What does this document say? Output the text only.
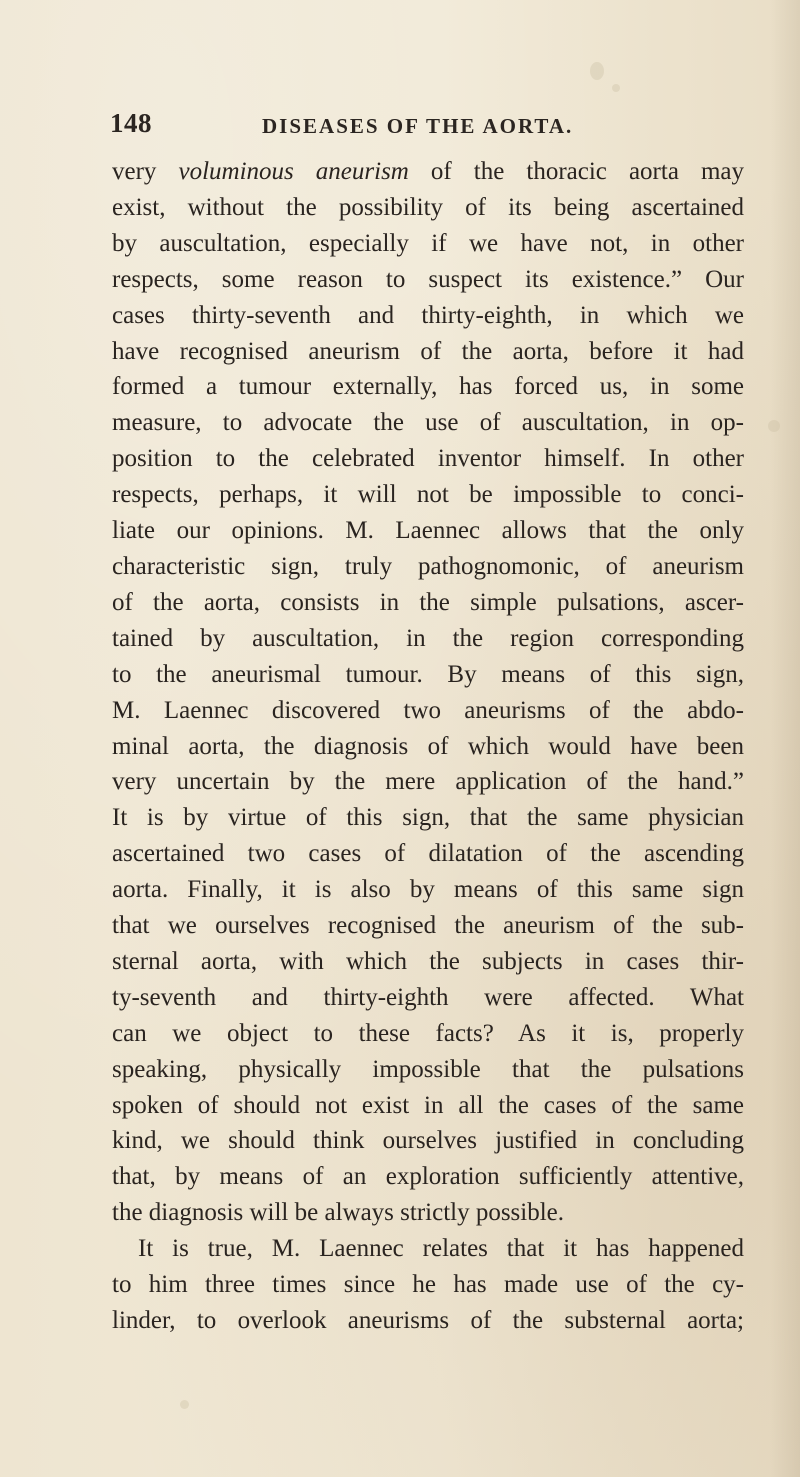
148	DISEASES OF THE AORTA.
very voluminous aneurism of the thoracic aorta may
exist, without the possibility of its being ascertained
by auscultation, especially if we have not, in other
respects, some reason to suspect its existence.” Our
cases thirty-seventh and thirty-eighth, in which we
have recognised aneurism of the aorta, before it had
formed a tumour externally, has forced us, in some
measure, to advocate the use of auscultation, in op-
position to the celebrated inventor himself. In other
respects, perhaps, it will not be impossible to conci-
liate our opinions. M. Laennec allows that the only
characteristic sign, truly pathognomonic, of aneurism
of the aorta, consists in the simple pulsations, ascer-
tained by auscultation, in the region corresponding
to the aneurismal tumour. By means of this sign,
M. Laennec discovered two aneurisms of the abdo-
minal aorta, the diagnosis of which would have been
very uncertain by the mere application of the hand.”
It is by virtue of this sign, that the same physician
ascertained two cases of dilatation of the ascending
aorta. Finally, it is also by means of this same sign
that we ourselves recognised the aneurism of the sub-
sternal aorta, with which the subjects in cases thir-
ty-seventh and thirty-eighth were affected. What
can we object to these facts? As it is, properly
speaking, physically impossible that the pulsations
spoken of should not exist in all the cases of the same
kind, we should think ourselves justified in concluding
that, by means of an exploration sufficiently attentive,
the diagnosis will be always strictly possible.
It is true, M. Laennec relates that it has happened
to him three times since he has made use of the cy-
linder, to overlook aneurisms of the substernal aorta;
